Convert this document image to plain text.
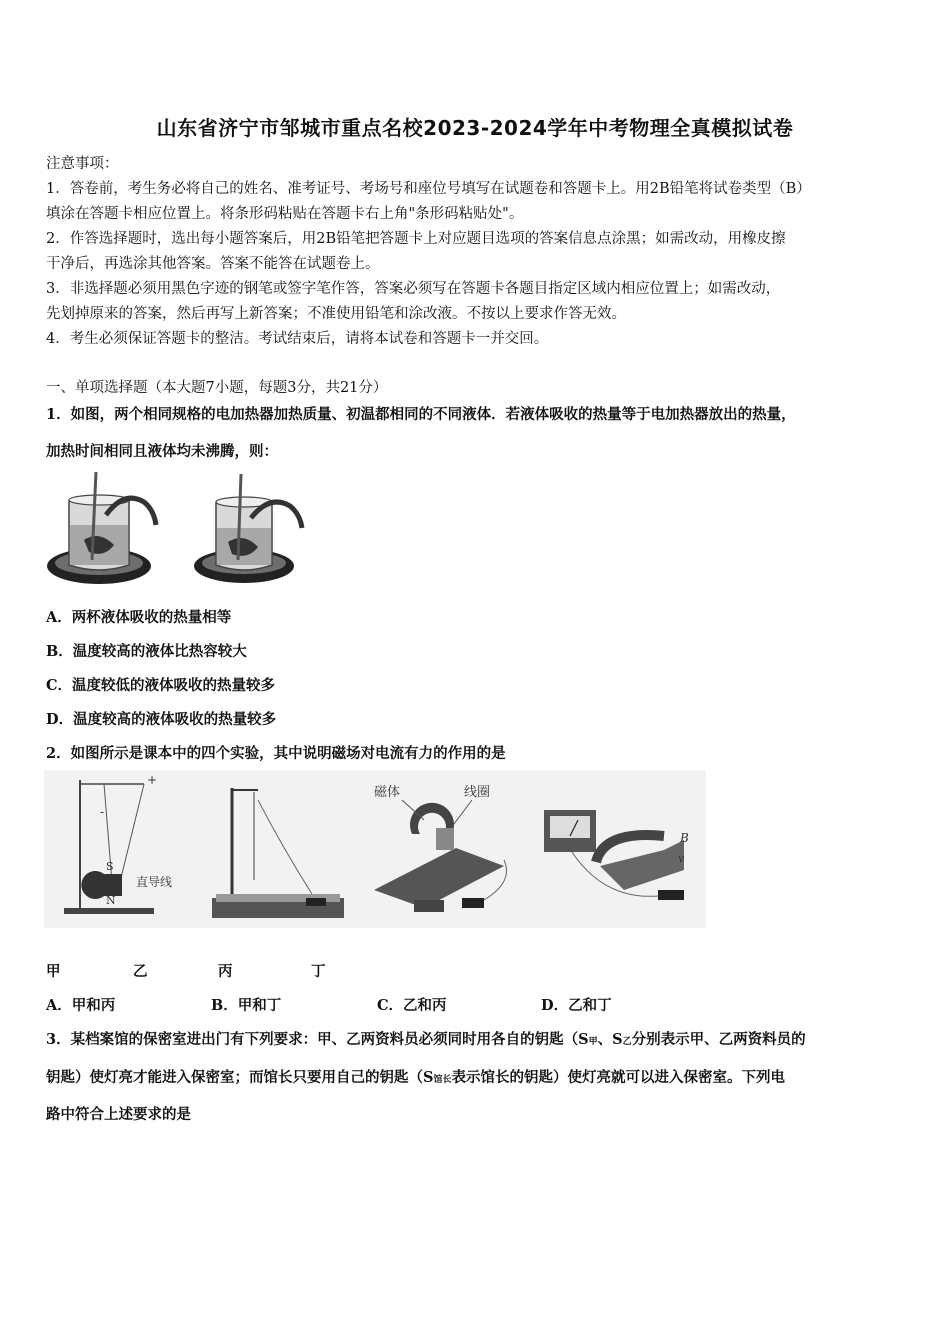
山东省济宁市邹城市重点名校2023-2024学年中考物理全真模拟试卷
注意事项：
1．答卷前，考生务必将自己的姓名、准考证号、考场号和座位号填写在试题卷和答题卡上。用2B铅笔将试卷类型（B）
填涂在答题卡相应位置上。将条形码粘贴在答题卡右上角"条形码粘贴处"。
2．作答选择题时，选出每小题答案后，用2B铅笔把答题卡上对应题目选项的答案信息点涂黑；如需改动，用橡皮擦
干净后，再选涂其他答案。答案不能答在试题卷上。
3．非选择题必须用黑色字迹的钢笔或签字笔作答，答案必须写在答题卡各题目指定区域内相应位置上；如需改动，
先划掉原来的答案，然后再写上新答案；不准使用铅笔和涂改液。不按以上要求作答无效。
4．考生必须保证答题卡的整洁。考试结束后，请将本试卷和答题卡一并交回。
一、单项选择题（本大题7小题，每题3分，共21分）
1．如图，两个相同规格的电加热器加热质量、初温都相同的不同液体．若液体吸收的热量等于电加热器放出的热量，
加热时间相同且液体均未沸腾，则：
A．两杯液体吸收的热量相等
B．温度较高的液体比热容较大
C．温度较低的液体吸收的热量较多
D．温度较高的液体吸收的热量较多
2．如图所示是课本中的四个实验，其中说明磁场对电流有力的作用的是
+
-
S
N
直导线
磁体	线圈
B
v
甲	乙	丙	丁
A．甲和丙	B．甲和丁	C．乙和丙	D．乙和丁
3．某档案馆的保密室进出门有下列要求：甲、乙两资料员必须同时用各自的钥匙（S甲、S乙分别表示甲、乙两资料员的
钥匙）使灯亮才能进入保密室；而馆长只要用自己的钥匙（S馆长表示馆长的钥匙）使灯亮就可以进入保密室。下列电
路中符合上述要求的是
